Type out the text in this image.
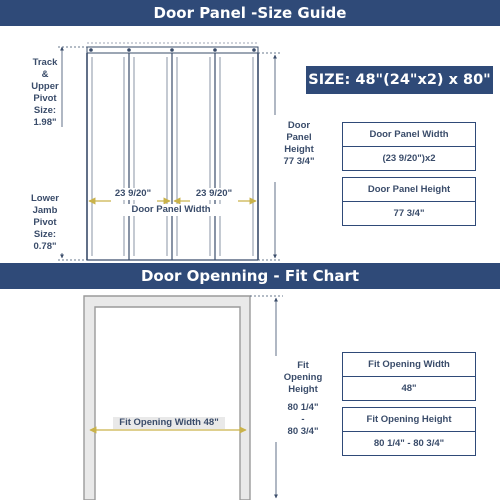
Door Panel -Size Guide
Door Openning - Fit Chart
Track
&
Upper
Pivot
Size:
1.98"
Lower
Jamb
Pivot
Size:
0.78"
23 9/20"	23 9/20"
Door Panel Width
Door
Panel
Height
77 3/4"
SIZE: 48"(24"x2) x 80"
Door Panel Width
(23 9/20")x2
Door Panel Height
77 3/4"
Fit Opening Width 48"
Fit
Opening
Height
80 1/4"
-
80 3/4"
Fit Opening Width
48"
Fit Opening Height
80 1/4" - 80 3/4"
